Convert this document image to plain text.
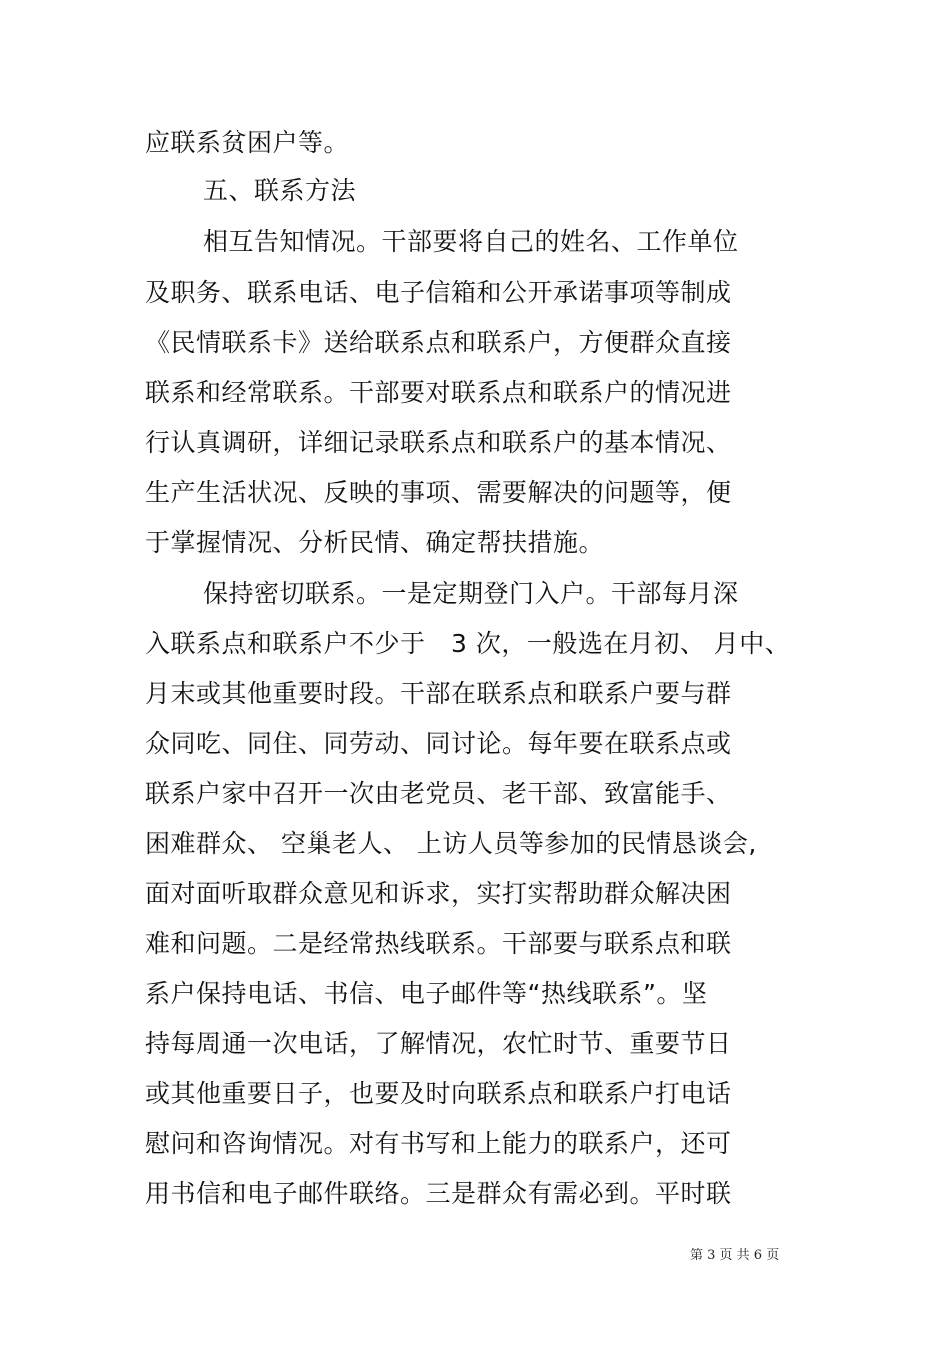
应联系贫困户等。
五、联系方法
相互告知情况。干部要将自己的姓名、工作单位
及职务、联系电话、电子信箱和公开承诺事项等制成
《民情联系卡》送给联系点和联系户，方便群众直接
联系和经常联系。干部要对联系点和联系户的情况进
行认真调研，详细记录联系点和联系户的基本情况、
生产生活状况、反映的事项、需要解决的问题等，便
于掌握情况、分析民情、确定帮扶措施。
保持密切联系。一是定期登门入户。干部每月深
入联系点和联系户不少于　3 次，一般选在月初、 月中、
月末或其他重要时段。干部在联系点和联系户要与群
众同吃、同住、同劳动、同讨论。每年要在联系点或
联系户家中召开一次由老党员、老干部、致富能手、
困难群众、 空巢老人、 上访人员等参加的民情恳谈会,
面对面听取群众意见和诉求，实打实帮助群众解决困
难和问题。二是经常热线联系。干部要与联系点和联
系户保持电话、书信、电子邮件等“热线联系”。坚
持每周通一次电话，了解情况，农忙时节、重要节日
或其他重要日子，也要及时向联系点和联系户打电话
慰问和咨询情况。对有书写和上能力的联系户，还可
用书信和电子邮件联络。三是群众有需必到。平时联
第 3 页 共 6 页
